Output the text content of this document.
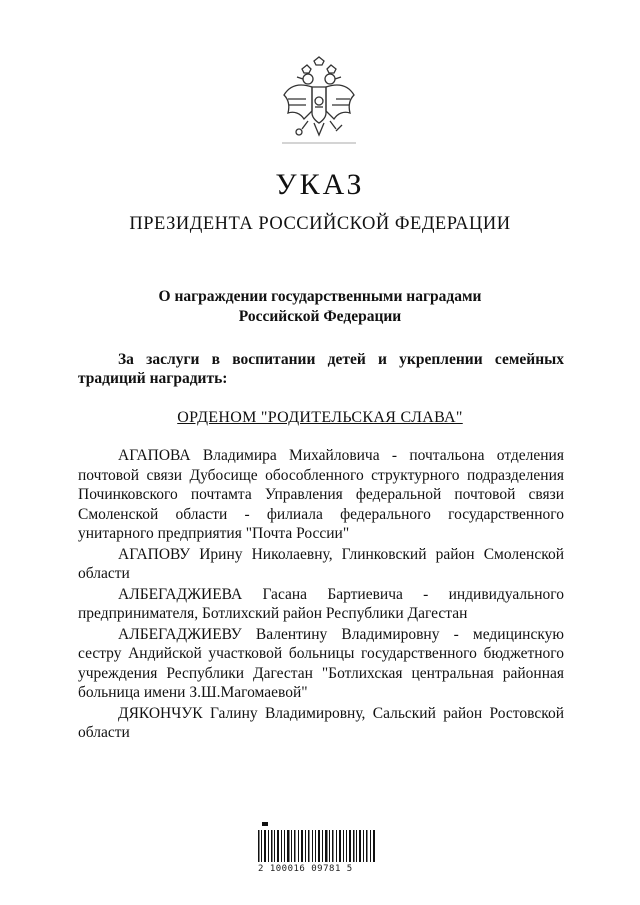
УКАЗ
ПРЕЗИДЕНТА РОССИЙСКОЙ ФЕДЕРАЦИИ
О награждении государственными наградами
Российской Федерации
За заслуги в воспитании детей и укреплении семейных традиций наградить:
ОРДЕНОМ "РОДИТЕЛЬСКАЯ СЛАВА"

АГАПОВА Владимира Михайловича - почтальона отделения почтовой связи Дубосище обособленного структурного подразделения Починковского почтамта Управления федеральной почтовой связи Смоленской области - филиала федерального государственного унитарного предприятия "Почта России"

АГАПОВУ Ирину Николаевну, Глинковский район Смоленской области

АЛБЕГАДЖИЕВА Гасана Бартиевича - индивидуального предпринимателя, Ботлихский район Республики Дагестан

АЛБЕГАДЖИЕВУ Валентину Владимировну - медицинскую сестру Андийской участковой больницы государственного бюджетного учреждения Республики Дагестан "Ботлихская центральная районная больница имени З.Ш.Магомаевой"

ДЯКОНЧУК Галину Владимировну, Сальский район Ростовской области

2 100016 09781 5
